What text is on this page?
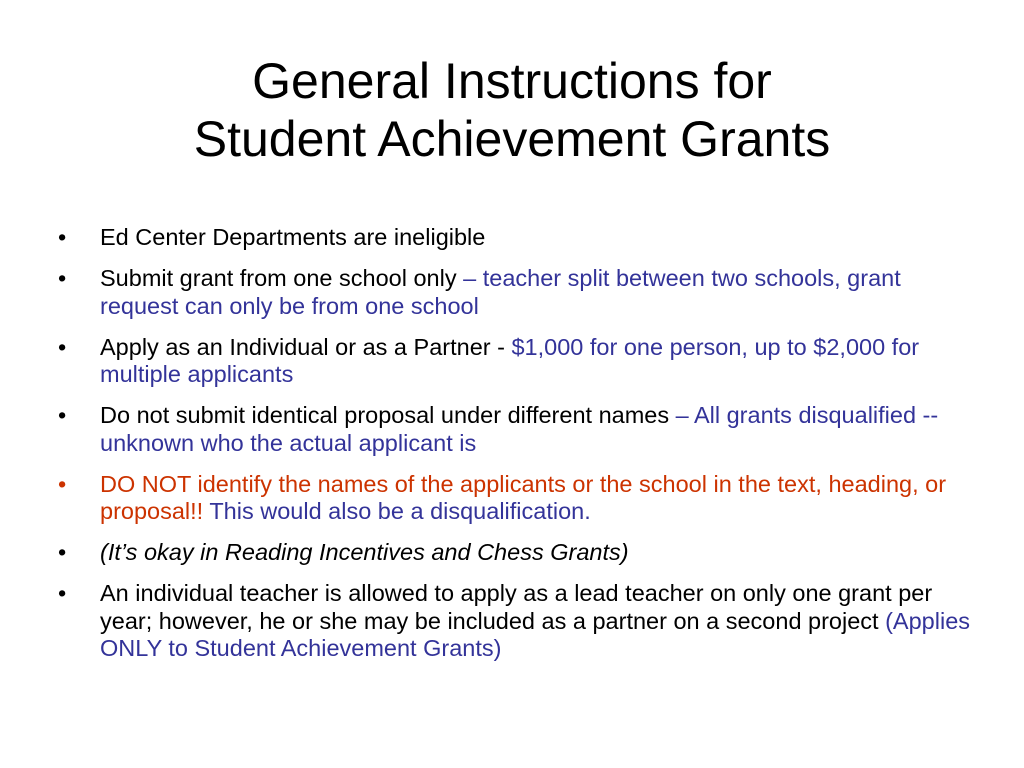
General Instructions for
Student Achievement Grants
•	Ed Center Departments are ineligible
•	Submit grant from one school only – teacher split between two schools, grant request can only be from one school
•	Apply as an Individual or as a Partner - $1,000 for one person, up to $2,000 for multiple applicants
•	Do not submit identical proposal under different names – All grants disqualified -- unknown who the actual applicant is
•	DO NOT identify the names of the applicants or the school in the text, heading, or proposal!! This would also be a disqualification.
•	(It’s okay in Reading Incentives and Chess Grants)
•	An individual teacher is allowed to apply as a lead teacher on only one grant per year; however, he or she may be included as a partner on a second project (Applies ONLY to Student Achievement Grants)
